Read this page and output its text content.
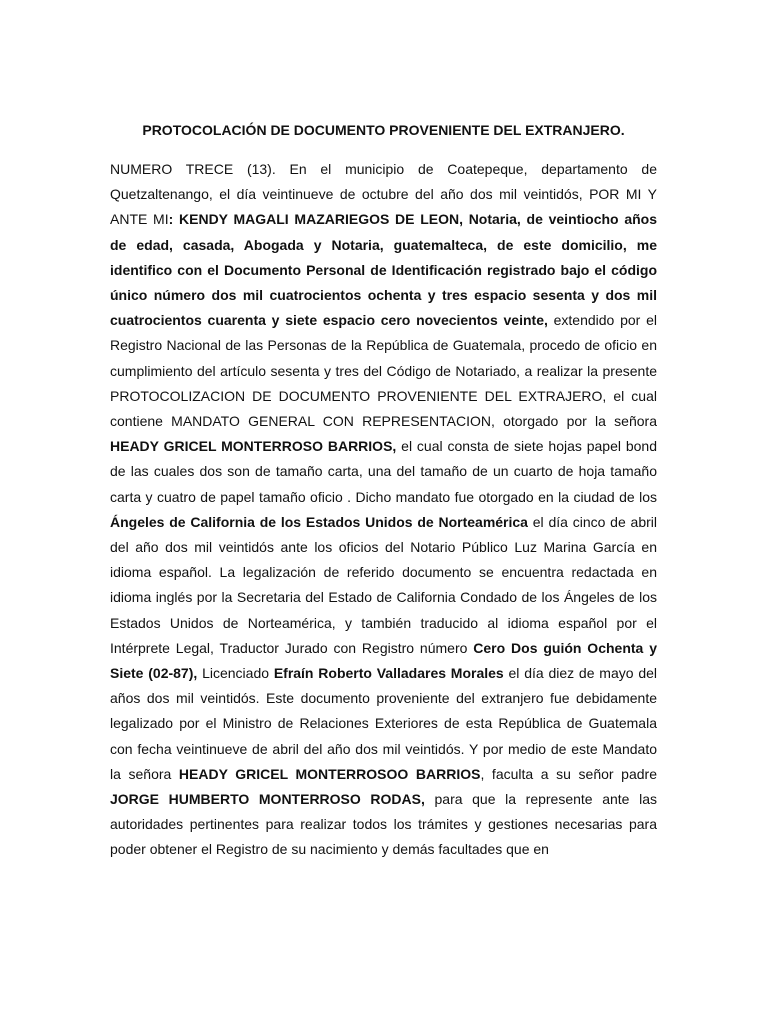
PROTOCOLACIÓN DE DOCUMENTO PROVENIENTE DEL EXTRANJERO.

NUMERO TRECE (13). En el municipio de Coatepeque, departamento de Quetzaltenango, el día veintinueve de octubre del año dos mil veintidós, POR MI Y ANTE MI: KENDY MAGALI MAZARIEGOS DE LEON, Notaria, de veintiocho años de edad, casada, Abogada y Notaria, guatemalteca, de este domicilio, me identifico con el Documento Personal de Identificación registrado bajo el código único número dos mil cuatrocientos ochenta y tres espacio sesenta y dos mil cuatrocientos cuarenta y siete espacio cero novecientos veinte, extendido por el Registro Nacional de las Personas de la República de Guatemala, procedo de oficio en cumplimiento del artículo sesenta y tres del Código de Notariado, a realizar la presente PROTOCOLIZACION DE DOCUMENTO PROVENIENTE DEL EXTRAJERO, el cual contiene MANDATO GENERAL CON REPRESENTACION, otorgado por la señora HEADY GRICEL MONTERROSO BARRIOS, el cual consta de siete hojas papel bond de las cuales dos son de tamaño carta, una del tamaño de un cuarto de hoja tamaño carta y cuatro de papel tamaño oficio . Dicho mandato fue otorgado en la ciudad de los Ángeles de California de los Estados Unidos de Norteamérica el día cinco de abril del año dos mil veintidós ante los oficios del Notario Público Luz Marina García en idioma español. La legalización de referido documento se encuentra redactada en idioma inglés por la Secretaria del Estado de California Condado de los Ángeles de los Estados Unidos de Norteamérica, y también traducido al idioma español por el Intérprete Legal, Traductor Jurado con Registro número Cero Dos guión Ochenta y Siete (02-87), Licenciado Efraín Roberto Valladares Morales el día diez de mayo del años dos mil veintidós. Este documento proveniente del extranjero fue debidamente legalizado por el Ministro de Relaciones Exteriores de esta República de Guatemala con fecha veintinueve de abril del año dos mil veintidós. Y por medio de este Mandato la señora HEADY GRICEL MONTERROSOO BARRIOS, faculta a su señor padre JORGE HUMBERTO MONTERROSO RODAS, para que la represente ante las autoridades pertinentes para realizar todos los trámites y gestiones necesarias para poder obtener el Registro de su nacimiento y demás facultades que en
